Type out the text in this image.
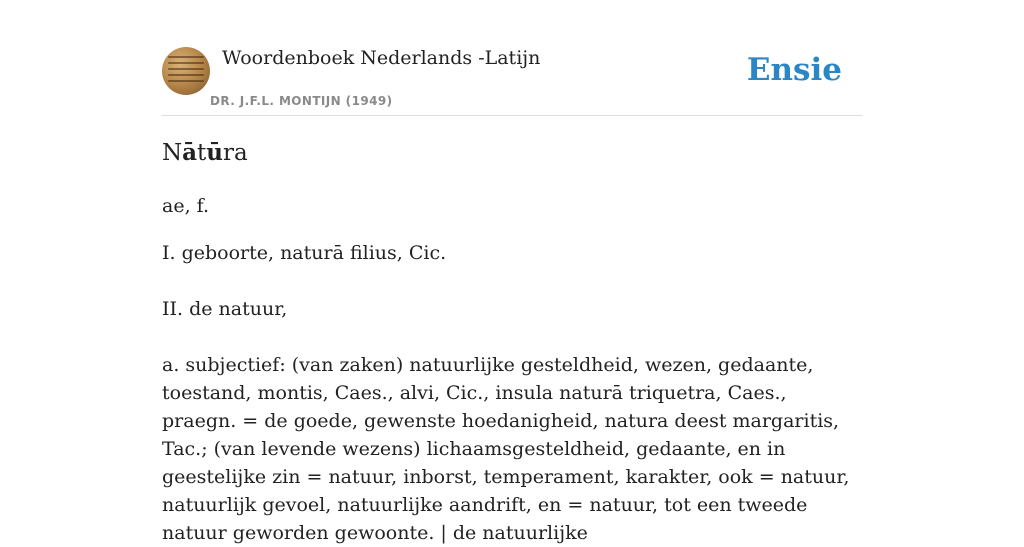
Woordenboek Nederlands -Latijn
DR. J.F.L. MONTIJN (1949)
Ensie
Nātūra

ae, f.

I. geboorte, naturā filius, Cic.

II. de natuur,

a. subjectief: (van zaken) natuurlijke gesteldheid, wezen, gedaante, toestand, montis, Caes., alvi, Cic., insula naturā triquetra, Caes., praegn. = de goede, gewenste hoedanigheid, natura deest margaritis, Tac.; (van levende wezens) lichaamsgesteldheid, gedaante, en in geestelijke zin = natuur, inborst, temperament, karakter, ook = natuur, natuurlijk gevoel, natuurlijke aandrift, en = natuur, tot een tweede natuur geworden gewoonte. | de natuurlijke
